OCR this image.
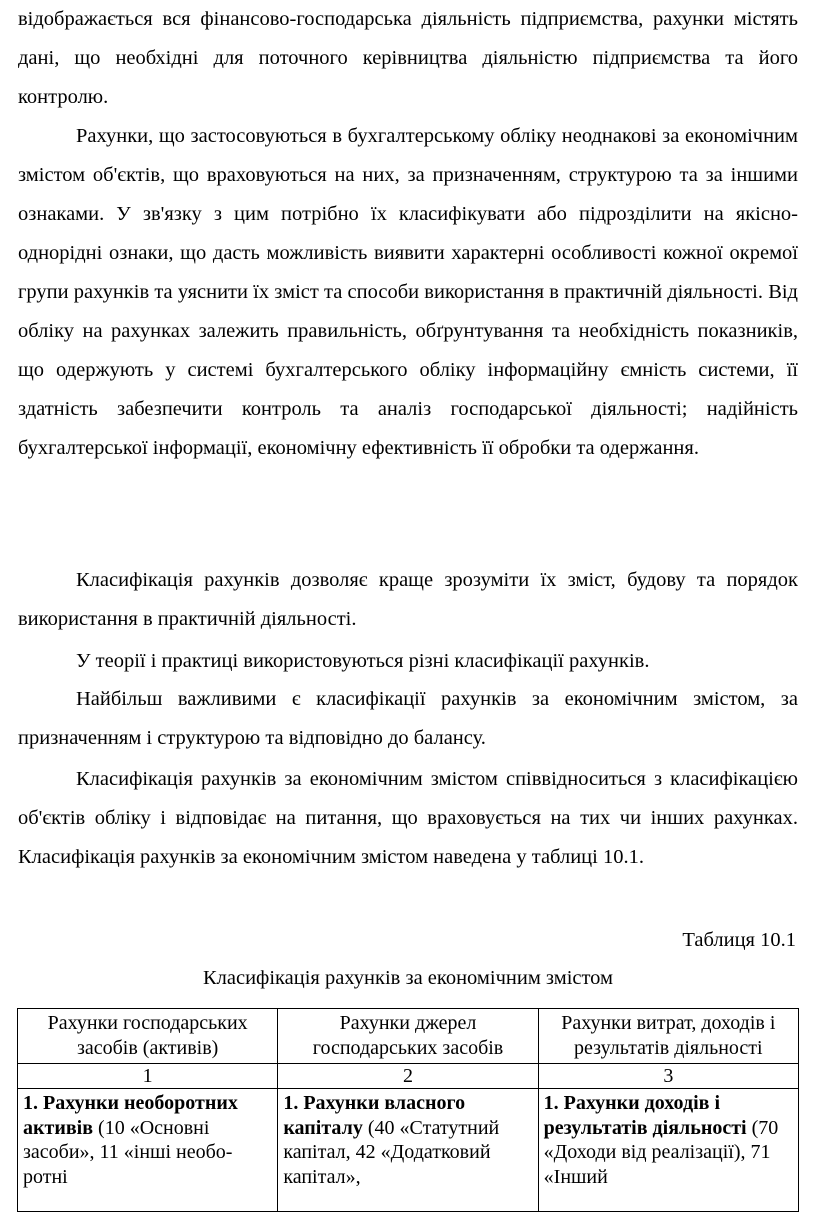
відображається вся фінансово-господарська діяльність підприємства, рахунки містять дані, що необхідні для поточного керівництва діяльністю підприємства та його контролю.

Рахунки, що застосовуються в бухгалтерському обліку неоднакові за економічним змістом об'єктів, що враховуються на них, за призначенням, структурою та за іншими ознаками. У зв'язку з цим потрібно їх класифікувати або підрозділити на якісно-однорідні ознаки, що дасть можливість виявити характерні особливості кожної окремої групи рахунків та уяснити їх зміст та способи використання в практичній діяльності. Від обліку на рахунках залежить правильність, обґрунтування та необхідність показників, що одержують у системі бухгалтерського обліку інформаційну ємність системи, її здатність забезпечити контроль та аналіз господарської діяльності; надійність бухгалтерської інформації, економічну ефективність її обробки та одержання.

Класифікація рахунків дозволяє краще зрозуміти їх зміст, будову та порядок використання в практичній діяльності.

У теорії і практиці використовуються різні класифікації рахунків.

Найбільш важливими є класифікації рахунків за економічним змістом, за призначенням і структурою та відповідно до балансу.

Класифікація рахунків за економічним змістом співвідноситься з класифікацією об'єктів обліку і відповідає на питання, що враховується на тих чи інших рахунках. Класифікація рахунків за економічним змістом наведена у таблиці 10.1.

Таблиця 10.1

Класифікація рахунків за економічним змістом

Рахунки господарських засобів (активів)	Рахунки джерел господарських засобів	Рахунки витрат, доходів і результатів діяльності
1	2	3
1. Рахунки необоротних активів (10 «Основні засоби», 11 «інші необо-ротні	1. Рахунки власного капіталу (40 «Статутний капітал, 42 «Додатковий капітал»,	1. Рахунки доходів і результатів діяльності (70 «Доходи від реалізації), 71 «Інший
